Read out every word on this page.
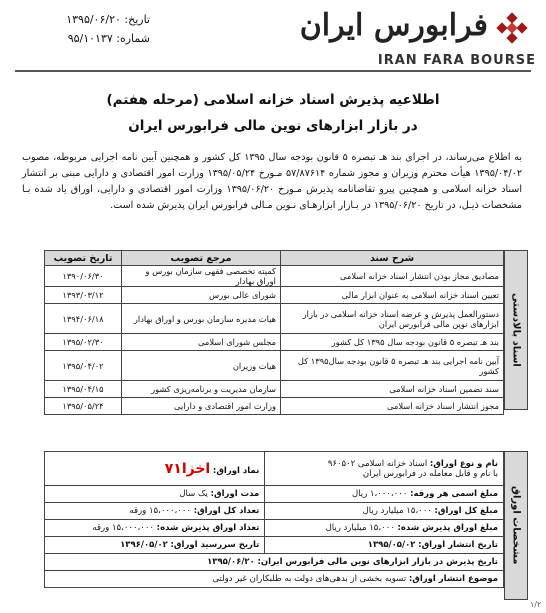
تاریخ: ۱۳۹۵/۰۶/۲۰
شماره: ۹۵/۱۰۱۳۷	فرابورس ایران
IRAN FARA BOURSE
اطلاعیه پذیرش اسناد خزانه اسلامی (مرحله هفتم)
در بازار ابزارهای نوین مالی فرابورس ایران
به اطلاع می‌رساند، در اجرای بند هـ تبصره ۵ قانون بودجه سال ۱۳۹۵ کل کشور و همچنین آیین نامه اجرایی مربوطه، مصوب ۱۳۹۵/۰۴/۰۲ هیأت محترم وزیران و مجوز شماره ۵۷/۸۷۶۱۴ مـورخ ۱۳۹۵/۰۵/۲۴ وزارت امور اقتصادی و دارایی مبنی بر انتشار اسناد خزانه اسلامی و همچنین پیرو تقاضانامه پذیرش مـورخ ۱۳۹۵/۰۶/۲۰ وزارت امور اقتصادی و دارایی، اوراق یاد شده بـا مشخصات ذیـل، در تاریخ ۱۳۹۵/۰۶/۲۰ در بـازار ابزارهـای نـوین مـالی فرابورس ایران پذیرش شده است.
اسناد بالادستی
شرح سند	مرجع تصویب	تاریخ تصویب
مصادیق مجاز بودن انتشار اسناد خزانه اسلامی	کمیته تخصصی فقهی سازمان بورس و اوراق بهادار	۱۳۹۰/۰۶/۳۰
تعیین اسناد خزانه اسلامی به عنوان ابزار مالی	شورای عالی بورس	۱۳۹۳/۰۳/۱۲
دستورالعمل پذیرش و عرضه اسناد خزانه اسلامی در بازار ابزارهای نوین مالی فرابورس ایران	هیات مدیره سازمان بورس و اوراق بهادار	۱۳۹۴/۰۶/۱۸
بند هـ تبصره ۵ قانون بودجه سال ۱۳۹۵ کل کشور	مجلس شورای اسلامی	۱۳۹۵/۰۲/۳۰
آیین نامه اجرایی بند هـ تبصره ۵ قانون بودجه سال۱۳۹۵ کل کشور	هیات وزیران	۱۳۹۵/۰۴/۰۲
سند تضمین اسناد خزانه اسلامی	سازمان مدیریت و برنامه‌ریزی کشور	۱۳۹۵/۰۴/۱۵
مجوز انتشار اسناد خزانه اسلامی	وزارت امور اقتصادی و دارایی	۱۳۹۵/۰۵/۲۴
مشخصات اوراق
نام و نوع اوراق: اسناد خزانه اسلامی ۹۶۰۵۰۲
با نام و قابل معامله در فرابورس ایران	نماد اوراق: اخزا۷۱
مبلغ اسمی هر ورقه: ۱،۰۰۰،۰۰۰ ریال	مدت اوراق: یک سال
مبلغ کل اوراق: ۱۵،۰۰۰ میلیارد ریال	تعداد کل اوراق: ۱۵،۰۰۰،۰۰۰ ورقه
مبلغ اوراق پذیرش شده: ۱۵،۰۰۰ میلیارد ریال	تعداد اوراق پذیرش شده: ۱۵،۰۰۰،۰۰۰ ورقه
تاریخ انتشار اوراق: ۱۳۹۵/۰۵/۰۲	تاریخ سررسید اوراق: ۱۳۹۶/۰۵/۰۲
تاریخ پذیرش در بازار ابزارهای نوین مالی فرابورس ایران: ۱۳۹۵/۰۶/۲۰	
موضوع انتشار اوراق: تسویه بخشی از بدهی‌های دولت به طلبکاران غیر دولتی	
۱/۲
